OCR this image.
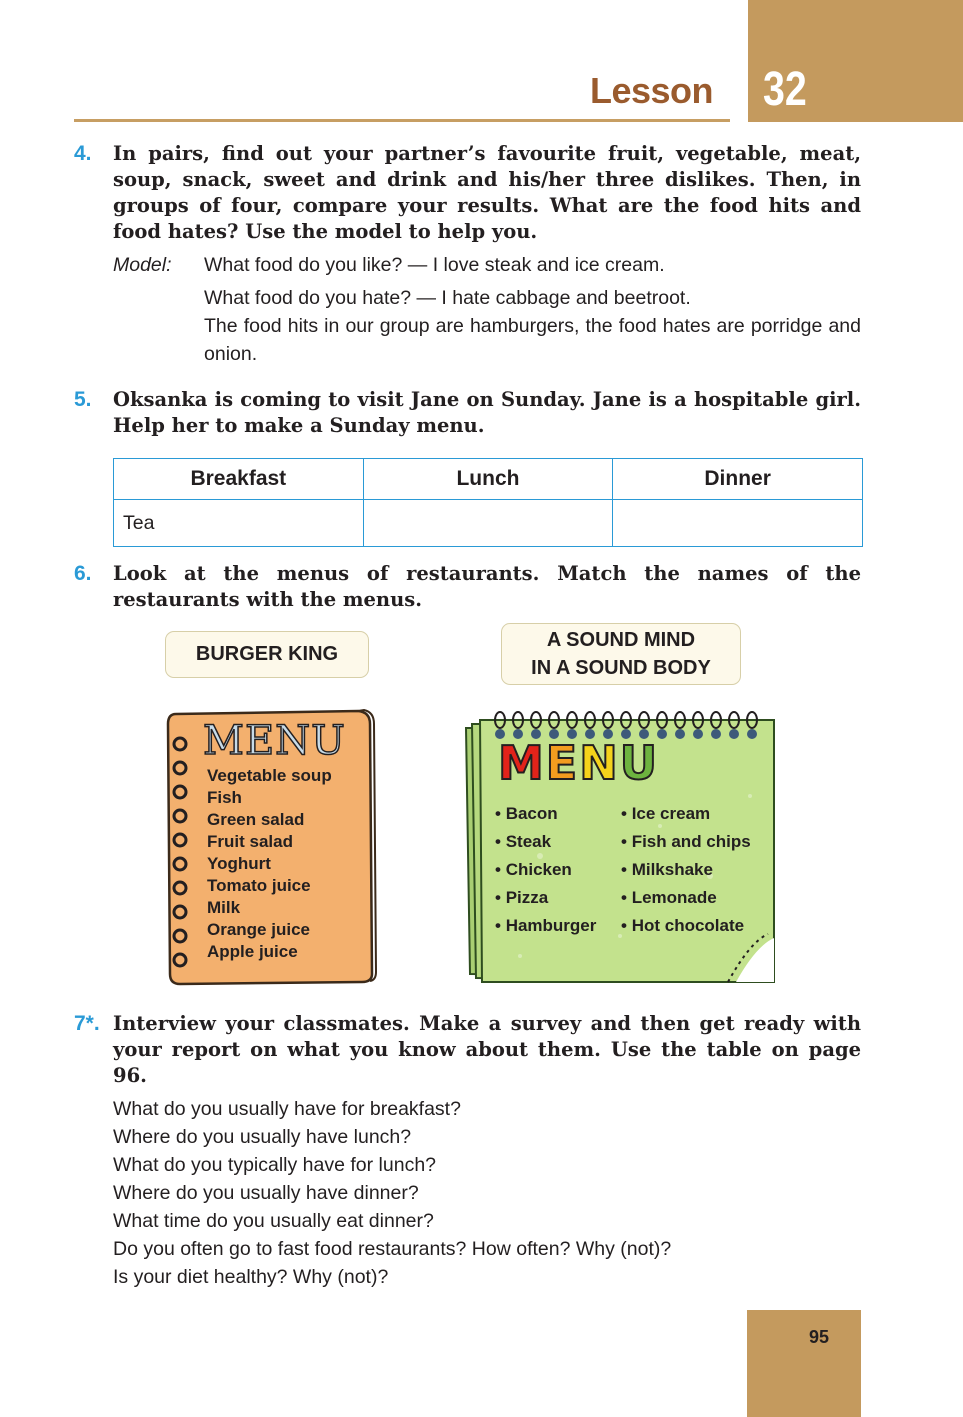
32
Lesson
4. In pairs, find out your partner’s favourite fruit, vegetable, meat, soup, snack, sweet and drink and his/her three dislikes. Then, in groups of four, compare your results. What are the food hits and food hates? Use the model to help you.
Model: What food do you like? — I love steak and ice cream.
What food do you hate? — I hate cabbage and beetroot.
The food hits in our group are hamburgers, the food hates are porridge and onion.
5. Oksanka is coming to visit Jane on Sunday. Jane is a hospitable girl. Help her to make a Sunday menu.
Breakfast	Lunch	Dinner
Tea		
6. Look at the menus of restaurants. Match the names of the restaurants with the menus.
BURGER KING
A SOUND MIND
IN A SOUND BODY
MENU
Vegetable soup
Fish
Green salad
Fruit salad
Yoghurt
Tomato juice
Milk
Orange juice
Apple juice
MENU
• Bacon
• Steak
• Chicken
• Pizza
• Hamburger
• Ice cream
• Fish and chips
• Milkshake
• Lemonade
• Hot chocolate
7*. Interview your classmates. Make a survey and then get ready with your report on what you know about them. Use the table on page 96.
What do you usually have for breakfast?
Where do you usually have lunch?
What do you typically have for lunch?
Where do you usually have dinner?
What time do you usually eat dinner?
Do you often go to fast food restaurants? How often? Why (not)?
Is your diet healthy? Why (not)?
95
